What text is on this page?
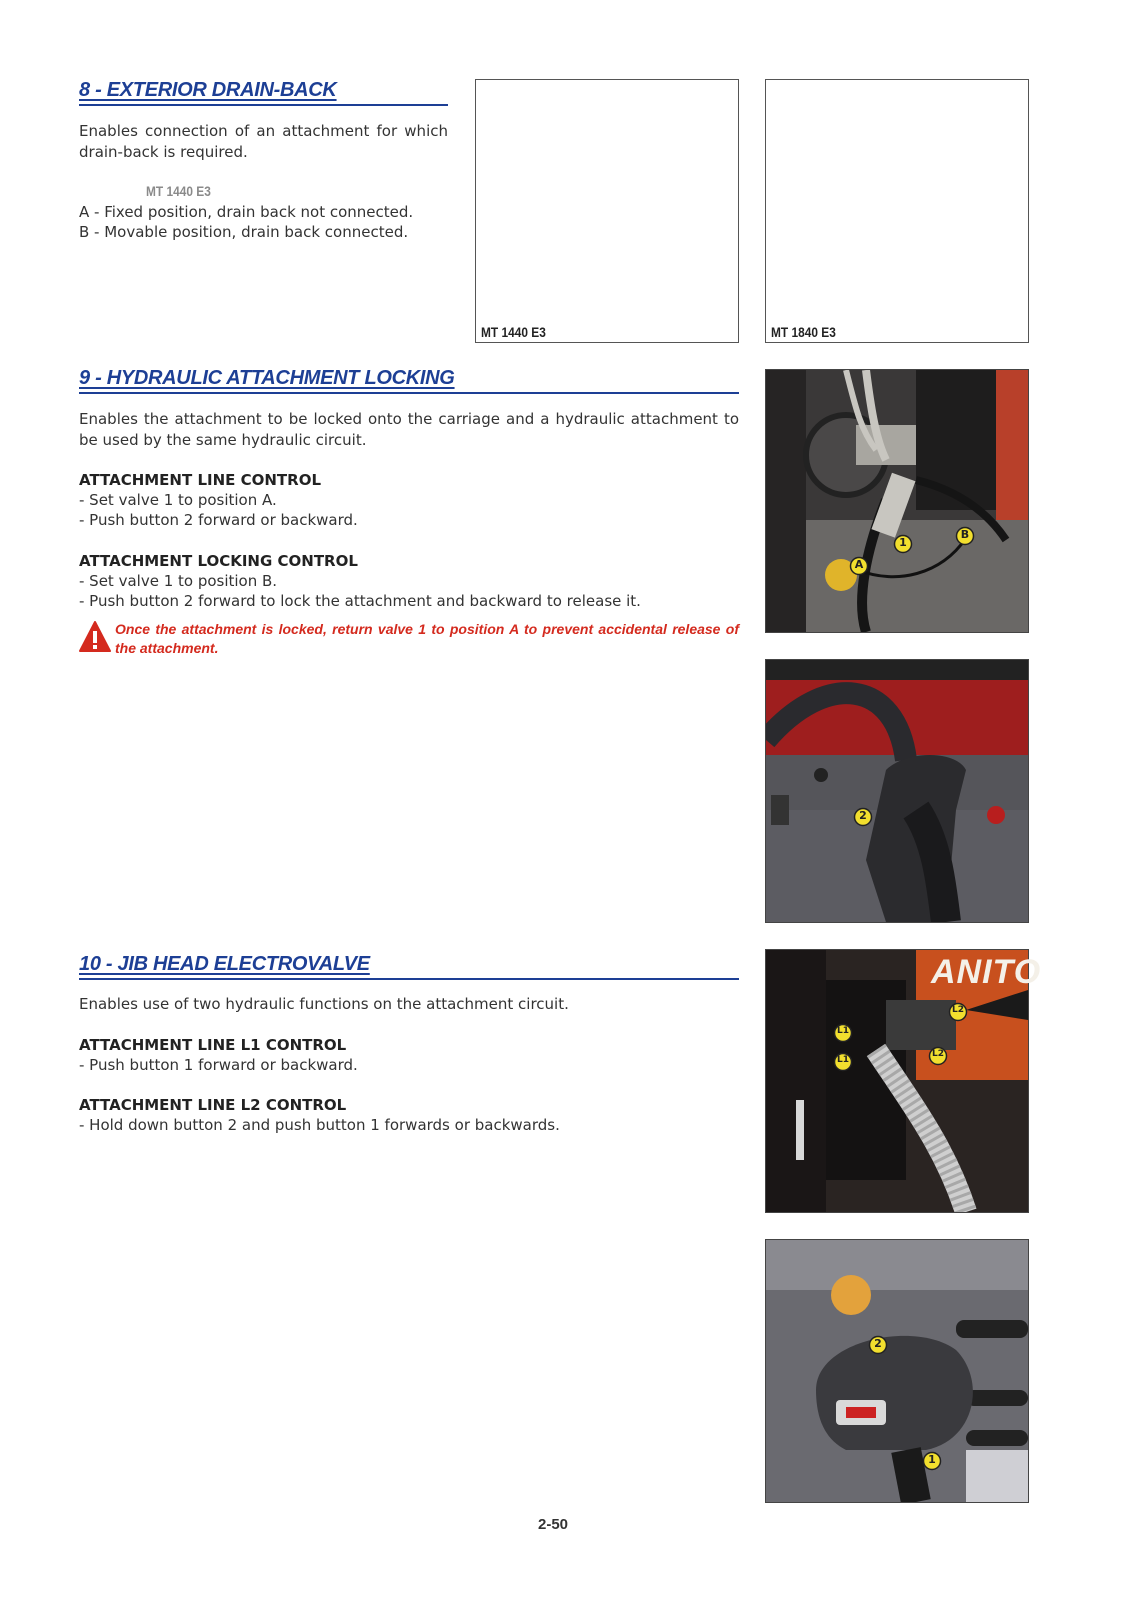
8 - EXTERIOR DRAIN-BACK
Enables connection of an attachment for which drain-back is required.
MT 1440 E3
A - Fixed position, drain back not connected.
B - Movable position, drain back connected.
MT 1440 E3	MT 1840 E3
9 - HYDRAULIC ATTACHMENT LOCKING
Enables the attachment to be locked onto the carriage and a hydraulic attachment to be used by the same hydraulic circuit.
ATTACHMENT LINE CONTROL
- Set valve 1 to position A.
- Push button 2 forward or backward.
ATTACHMENT LOCKING CONTROL
- Set valve 1 to position B.
- Push button 2 forward to lock the attachment and backward to release it.
Once the attachment is locked, return valve 1 to position A to prevent accidental release of the attachment.
1
A
B
2
10 - JIB HEAD ELECTROVALVE
Enables use of two hydraulic functions on the attachment circuit.
ATTACHMENT LINE L1 CONTROL
- Push button 1 forward or backward.
ATTACHMENT LINE L2 CONTROL
- Hold down button 2 and push button 1 forwards or backwards.
ANITO
L1
L1
L2
L2
2
1
2-50
